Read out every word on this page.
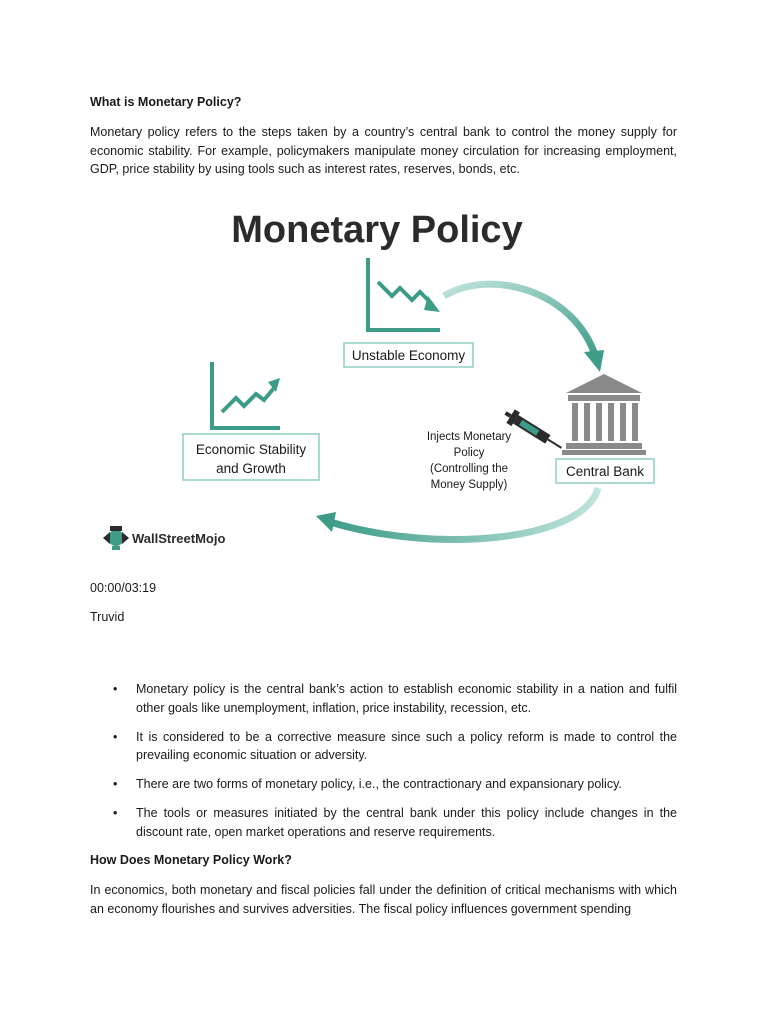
What is Monetary Policy?
Monetary policy refers to the steps taken by a country’s central bank to control the money supply for economic stability. For example, policymakers manipulate money circulation for increasing employment, GDP, price stability by using tools such as interest rates, reserves, bonds, etc.
00:00/03:19
Truvid
• Monetary policy is the central bank’s action to establish economic stability in a nation and fulfil other goals like unemployment, inflation, price instability, recession, etc.
• It is considered to be a corrective measure since such a policy reform is made to control the prevailing economic situation or adversity.
• There are two forms of monetary policy, i.e., the contractionary and expansionary policy.
• The tools or measures initiated by the central bank under this policy include changes in the discount rate, open market operations and reserve requirements.
How Does Monetary Policy Work?
In economics, both monetary and fiscal policies fall under the definition of critical mechanisms with which an economy flourishes and survives adversities. The fiscal policy influences government spending
Monetary Policy
Unstable Economy
Central Bank
Injects Monetary
Policy
(Controlling the
Money Supply)
Economic Stability
and Growth
WallStreetMojo
